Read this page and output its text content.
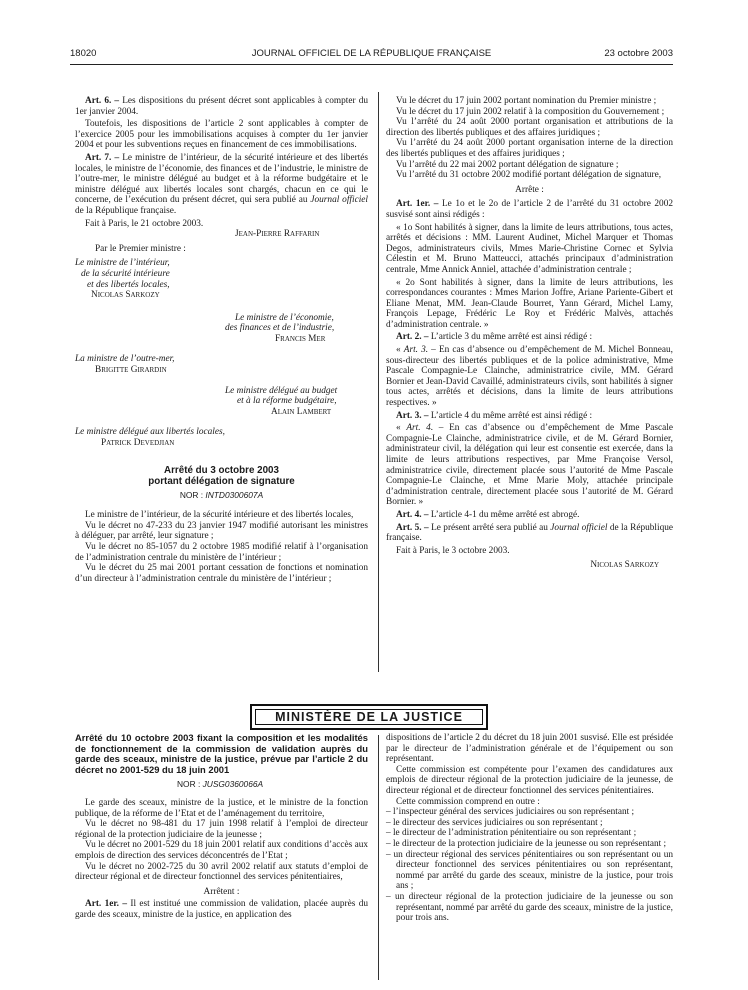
18020	JOURNAL OFFICIEL DE LA RÉPUBLIQUE FRANÇAISE	23 octobre 2003

Art. 6. – Les dispositions du présent décret sont applicables à compter du 1er janvier 2004.

Toutefois, les dispositions de l’article 2 sont applicables à compter de l’exercice 2005 pour les immobilisations acquises à compter du 1er janvier 2004 et pour les subventions reçues en financement de ces immobilisations.

Art. 7. – Le ministre de l’intérieur, de la sécurité intérieure et des libertés locales, le ministre de l’économie, des finances et de l’industrie, le ministre de l’outre-mer, le ministre délégué au budget et à la réforme budgétaire et le ministre délégué aux libertés locales sont chargés, chacun en ce qui le concerne, de l’exécution du présent décret, qui sera publié au Journal officiel de la République française.

Fait à Paris, le 21 octobre 2003.

Jean-Pierre Raffarin

Par le Premier ministre :

Le ministre de l’intérieur,

de la sécurité intérieure

et des libertés locales,

Nicolas Sarkozy

Le ministre de l’économie,

des finances et de l’industrie,

Francis Mer

La ministre de l’outre-mer,

Brigitte Girardin

Le ministre délégué au budget

et à la réforme budgétaire,

Alain Lambert

Le ministre délégué aux libertés locales,

Patrick Devedjian

Arrêté du 3 octobre 2003

portant délégation de signature

NOR : INTD0300607A

Le ministre de l’intérieur, de la sécurité intérieure et des libertés locales,

Vu le décret no 47-233 du 23 janvier 1947 modifié autorisant les ministres à déléguer, par arrêté, leur signature ;

Vu le décret no 85-1057 du 2 octobre 1985 modifié relatif à l’organisation de l’administration centrale du ministère de l’intérieur ;

Vu le décret du 25 mai 2001 portant cessation de fonctions et nomination d’un directeur à l’administration centrale du ministère de l’intérieur ;

Vu le décret du 17 juin 2002 portant nomination du Premier ministre ;

Vu le décret du 17 juin 2002 relatif à la composition du Gouvernement ;

Vu l’arrêté du 24 août 2000 portant organisation et attributions de la direction des libertés publiques et des affaires juridiques ;

Vu l’arrêté du 24 août 2000 portant organisation interne de la direction des libertés publiques et des affaires juridiques ;

Vu l’arrêté du 22 mai 2002 portant délégation de signature ;

Vu l’arrêté du 31 octobre 2002 modifié portant délégation de signature,

Arrête :

Art. 1er. – Le 1o et le 2o de l’article 2 de l’arrêté du 31 octobre 2002 susvisé sont ainsi rédigés :

« 1o Sont habilités à signer, dans la limite de leurs attributions, tous actes, arrêtés et décisions : MM. Laurent Audinet, Michel Marquer et Thomas Degos, administrateurs civils, Mmes Marie-Christine Cornec et Sylvia Célestin et M. Bruno Matteucci, attachés principaux d’administration centrale, Mme Annick Anniel, attachée d’administration centrale ;

« 2o Sont habilités à signer, dans la limite de leurs attributions, les correspondances courantes : Mmes Marion Joffre, Ariane Pariente-Gibert et Eliane Menat, MM. Jean-Claude Bourret, Yann Gérard, Michel Lamy, François Lepage, Frédéric Le Roy et Frédéric Malvès, attachés d’administration centrale. »

Art. 2. – L’article 3 du même arrêté est ainsi rédigé :

« Art. 3. – En cas d’absence ou d’empêchement de M. Michel Bonneau, sous-directeur des libertés publiques et de la police administrative, Mme Pascale Compagnie-Le Clainche, administratrice civile, MM. Gérard Bornier et Jean-David Cavaillé, administrateurs civils, sont habilités à signer tous actes, arrêtés et décisions, dans la limite de leurs attributions respectives. »

Art. 3. – L’article 4 du même arrêté est ainsi rédigé :

« Art. 4. – En cas d’absence ou d’empêchement de Mme Pascale Compagnie-Le Clainche, administratrice civile, et de M. Gérard Bornier, administrateur civil, la délégation qui leur est consentie est exercée, dans la limite de leurs attributions respectives, par Mme Françoise Versol, administratrice civile, directement placée sous l’autorité de Mme Pascale Compagnie-Le Clainche, et Mme Marie Moly, attachée principale d’administration centrale, directement placée sous l’autorité de M. Gérard Bornier. »

Art. 4. – L’article 4-1 du même arrêté est abrogé.

Art. 5. – Le présent arrêté sera publié au Journal officiel de la République française.

Fait à Paris, le 3 octobre 2003.

Nicolas Sarkozy

MINISTÈRE DE LA JUSTICE

Arrêté du 10 octobre 2003 fixant la composition et les modalités de fonctionnement de la commission de validation auprès du garde des sceaux, ministre de la justice, prévue par l’article 2 du décret no 2001-529 du 18 juin 2001

NOR : JUSG0360066A

Le garde des sceaux, ministre de la justice, et le ministre de la fonction publique, de la réforme de l’Etat et de l’aménagement du territoire,

Vu le décret no 98-481 du 17 juin 1998 relatif à l’emploi de directeur régional de la protection judiciaire de la jeunesse ;

Vu le décret no 2001-529 du 18 juin 2001 relatif aux conditions d’accès aux emplois de direction des services déconcentrés de l’Etat ;

Vu le décret no 2002-725 du 30 avril 2002 relatif aux statuts d’emploi de directeur régional et de directeur fonctionnel des services pénitentiaires,

Arrêtent :

Art. 1er. – Il est institué une commission de validation, placée auprès du garde des sceaux, ministre de la justice, en application des

dispositions de l’article 2 du décret du 18 juin 2001 susvisé. Elle est présidée par le directeur de l’administration générale et de l’équipement ou son représentant.

Cette commission est compétente pour l’examen des candidatures aux emplois de directeur régional de la protection judiciaire de la jeunesse, de directeur régional et de directeur fonctionnel des services pénitentiaires.

Cette commission comprend en outre :

– l’inspecteur général des services judiciaires ou son représentant ;

– le directeur des services judiciaires ou son représentant ;

– le directeur de l’administration pénitentiaire ou son représentant ;

– le directeur de la protection judiciaire de la jeunesse ou son représentant ;

– un directeur régional des services pénitentiaires ou son représentant ou un directeur fonctionnel des services pénitentiaires ou son représentant, nommé par arrêté du garde des sceaux, ministre de la justice, pour trois ans ;

– un directeur régional de la protection judiciaire de la jeunesse ou son représentant, nommé par arrêté du garde des sceaux, ministre de la justice, pour trois ans.
